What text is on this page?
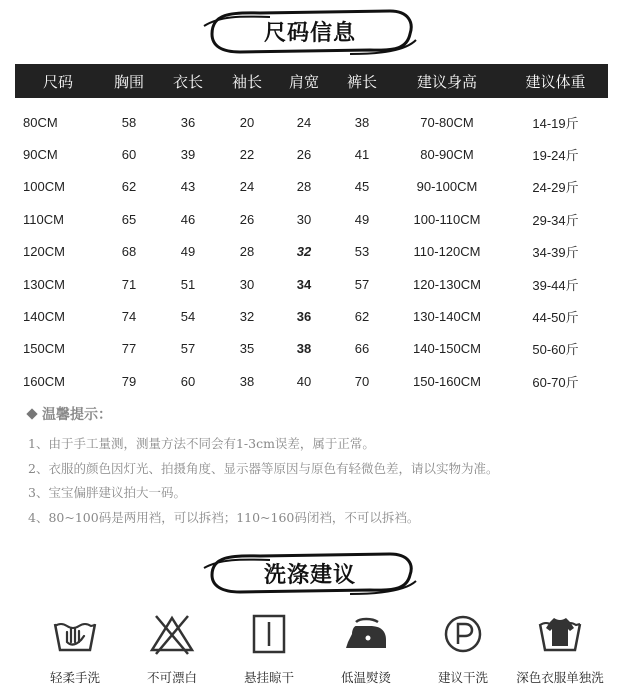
尺码信息
尺码	胸围	衣长	袖长	肩宽	裤长	建议身高	建议体重
80CM	58	36	20	24	38	70-80CM	14-19斤
90CM	60	39	22	26	41	80-90CM	19-24斤
100CM	62	43	24	28	45	90-100CM	24-29斤
110CM	65	46	26	30	49	100-110CM	29-34斤
120CM	68	49	28	32	53	110-120CM	34-39斤
130CM	71	51	30	34	57	120-130CM	39-44斤
140CM	74	54	32	36	62	130-140CM	44-50斤
150CM	77	57	35	38	66	140-150CM	50-60斤
160CM	79	60	38	40	70	150-160CM	60-70斤
温馨提示：
1、由于手工量测，测量方法不同会有1-3cm误差，属于正常。
2、衣服的颜色因灯光、拍摄角度、显示器等原因与原色有轻微色差，请以实物为准。
3、宝宝偏胖建议拍大一码。
4、80~100码是两用裆，可以拆裆；110~160码闭裆，不可以拆裆。
洗涤建议
轻柔手洗	不可漂白	悬挂晾干	低温熨烫	建议干洗 深色衣服单独洗
